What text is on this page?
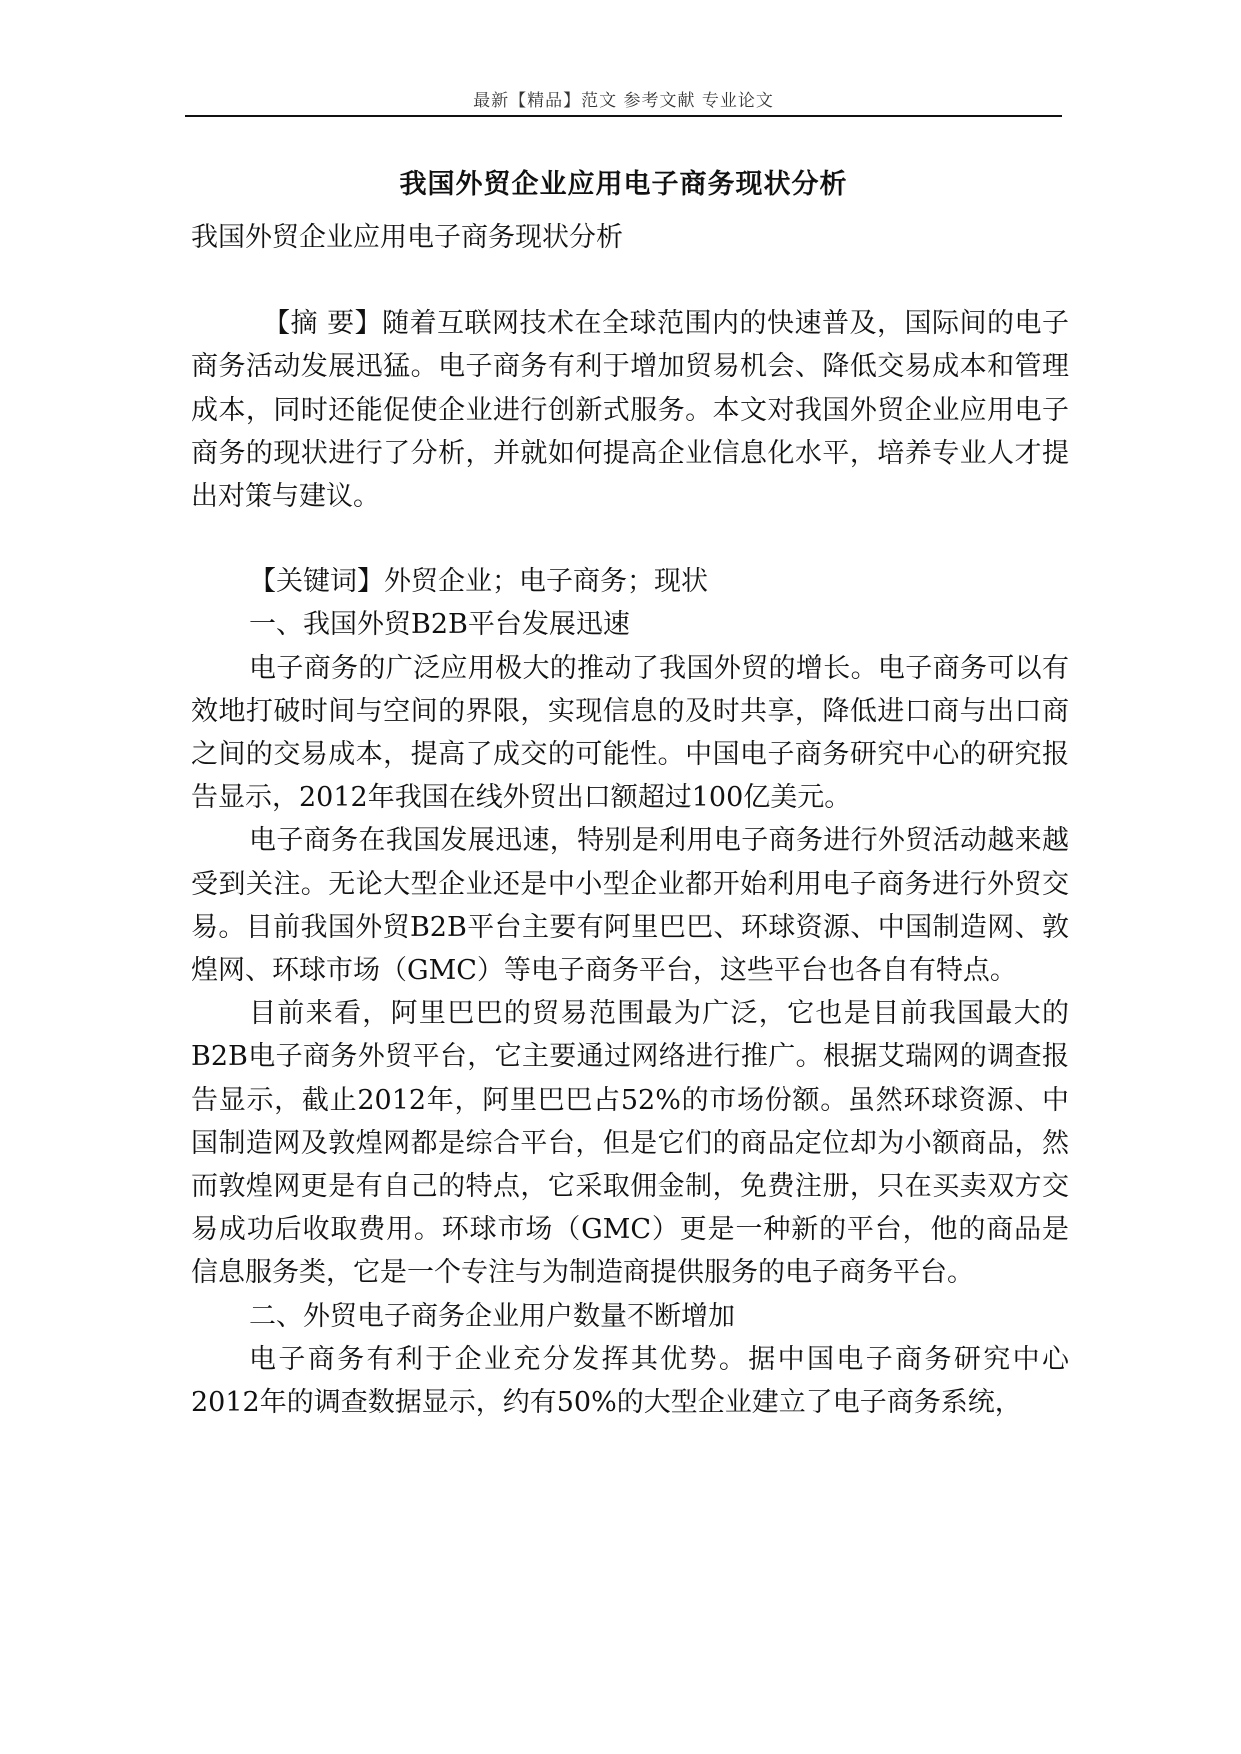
最新【精品】范文 参考文献 专业论文
我国外贸企业应用电子商务现状分析

我国外贸企业应用电子商务现状分析

【摘 要】随着互联网技术在全球范围内的快速普及，国际间的电子商务活动发展迅猛。电子商务有利于增加贸易机会、降低交易成本和管理成本，同时还能促使企业进行创新式服务。本文对我国外贸企业应用电子商务的现状进行了分析，并就如何提高企业信息化水平，培养专业人才提出对策与建议。

【关键词】外贸企业；电子商务；现状

一、我国外贸B2B平台发展迅速

电子商务的广泛应用极大的推动了我国外贸的增长。电子商务可以有效地打破时间与空间的界限，实现信息的及时共享，降低进口商与出口商之间的交易成本，提高了成交的可能性。中国电子商务研究中心的研究报告显示，2012年我国在线外贸出口额超过100亿美元。

电子商务在我国发展迅速，特别是利用电子商务进行外贸活动越来越受到关注。无论大型企业还是中小型企业都开始利用电子商务进行外贸交易。目前我国外贸B2B平台主要有阿里巴巴、环球资源、中国制造网、敦煌网、环球市场（GMC）等电子商务平台，这些平台也各自有特点。

目前来看，阿里巴巴的贸易范围最为广泛，它也是目前我国最大的B2B电子商务外贸平台，它主要通过网络进行推广。根据艾瑞网的调查报告显示，截止2012年，阿里巴巴占52%的市场份额。虽然环球资源、中国制造网及敦煌网都是综合平台，但是它们的商品定位却为小额商品，然而敦煌网更是有自己的特点，它采取佣金制，免费注册，只在买卖双方交易成功后收取费用。环球市场（GMC）更是一种新的平台，他的商品是信息服务类，它是一个专注与为制造商提供服务的电子商务平台。

二、外贸电子商务企业用户数量不断增加

电子商务有利于企业充分发挥其优势。据中国电子商务研究中心2012年的调查数据显示，约有50%的大型企业建立了电子商务系统，
